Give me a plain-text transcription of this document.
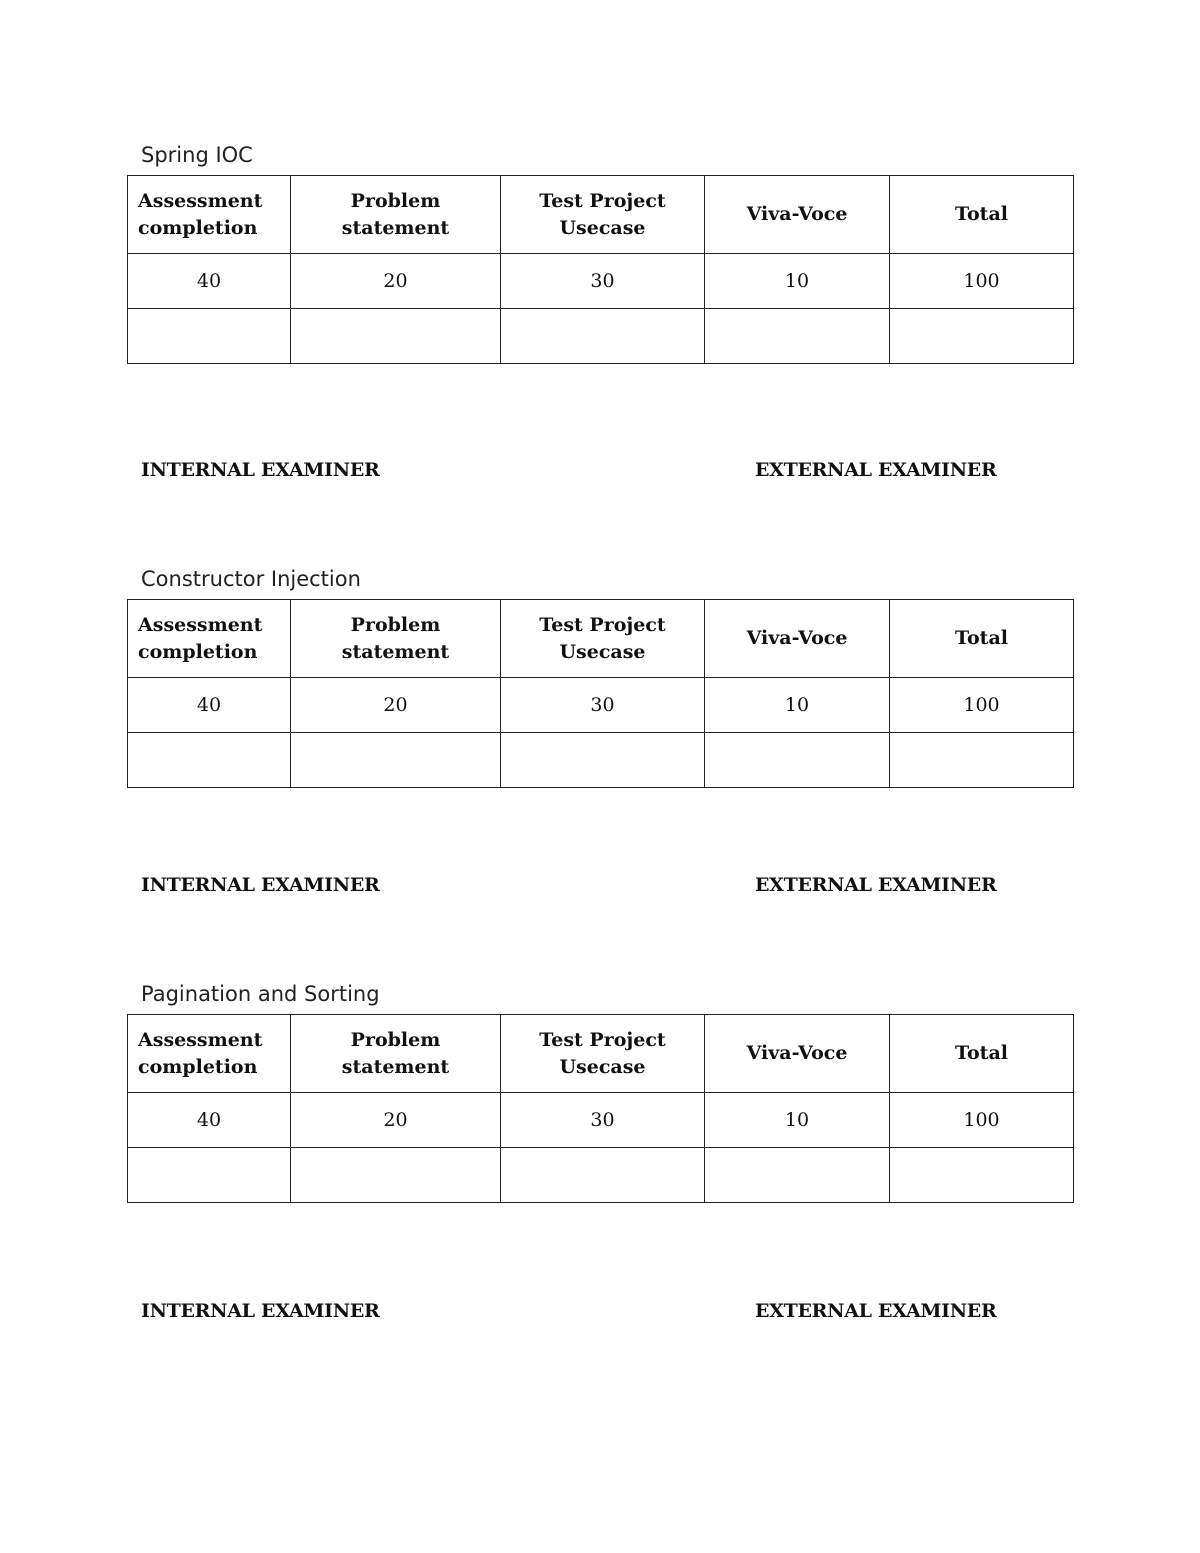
Spring IOC
Assessment completion	Problem statement	Test Project Usecase	Viva-Voce	Total
40	20	30	10	100

INTERNAL EXAMINER	EXTERNAL EXAMINER
Constructor Injection
Assessment completion	Problem statement	Test Project Usecase	Viva-Voce	Total
40	20	30	10	100

INTERNAL EXAMINER	EXTERNAL EXAMINER
Pagination and Sorting
Assessment completion	Problem statement	Test Project Usecase	Viva-Voce	Total
40	20	30	10	100

INTERNAL EXAMINER	EXTERNAL EXAMINER
